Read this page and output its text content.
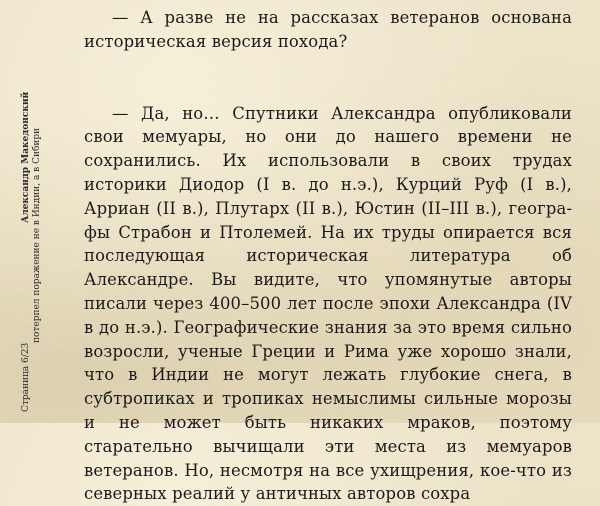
Александр Македонский потерпел поражение не в Индии, а в Сибири
Страница 6/23

— А разве не на рассказах ветеранов основана историческая версия похода?

— Да, но… Спутники Александра опубликовали свои мемуары, но они до нашего времени не сохранились. Их использовали в своих трудах историки Диодор (I в. до н.э.), Курций Руф (I в.), Арриан (II в.), Плутарх (II в.), Юстин (II–III в.), географы Страбон и Птолемей. На их труды опирается вся последующая историческая литература об Александре. Вы видите, что упомянутые авторы писали через 400–500 лет после эпохи Александра (IV в до н.э.). Географические знания за это время сильно возросли, ученые Греции и Рима уже хорошо знали, что в Индии не могут лежать глубокие снега, в субтропиках и тропиках немыслимы сильные морозы и не может быть никаких мраков, поэтому старательно вычищали эти места из мемуаров ветеранов. Но, несмотря на все ухищрения, кое-что из северных реалий у античных авторов сохра
